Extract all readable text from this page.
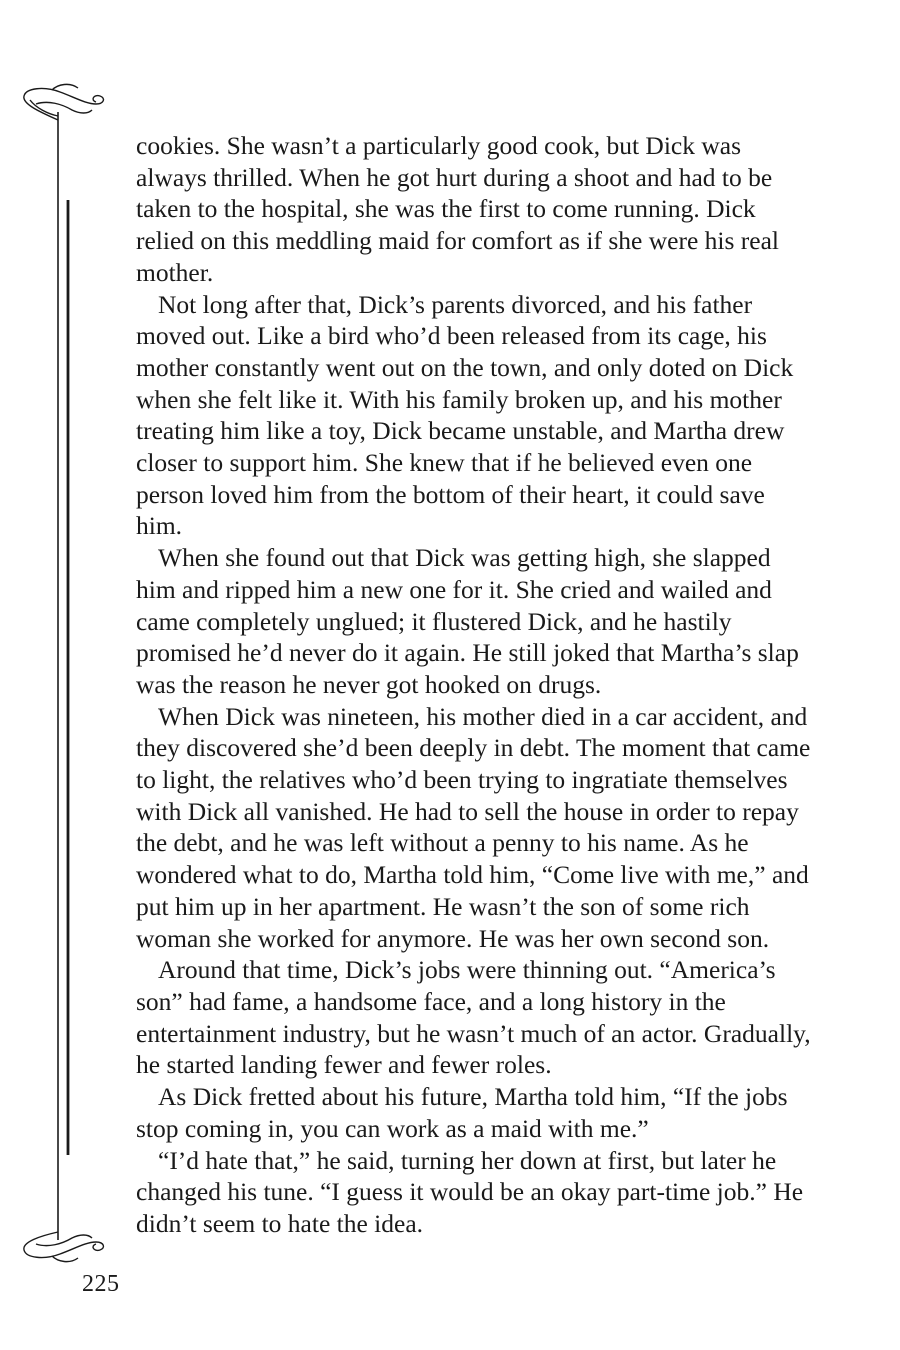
cookies. She wasn’t a particularly good cook, but Dick was always thrilled. When he got hurt during a shoot and had to be taken to the hospital, she was the first to come running. Dick relied on this meddling maid for comfort as if she were his real mother.

Not long after that, Dick’s parents divorced, and his father moved out. Like a bird who’d been released from its cage, his mother constantly went out on the town, and only doted on Dick when she felt like it. With his family broken up, and his mother treating him like a toy, Dick became unstable, and Martha drew closer to support him. She knew that if he believed even one person loved him from the bottom of their heart, it could save him.

When she found out that Dick was getting high, she slapped him and ripped him a new one for it. She cried and wailed and came completely unglued; it flustered Dick, and he hastily promised he’d never do it again. He still joked that Martha’s slap was the reason he never got hooked on drugs.

When Dick was nineteen, his mother died in a car accident, and they discovered she’d been deeply in debt. The moment that came to light, the relatives who’d been trying to ingratiate themselves with Dick all vanished. He had to sell the house in order to repay the debt, and he was left without a penny to his name. As he wondered what to do, Martha told him, “Come live with me,” and put him up in her apartment. He wasn’t the son of some rich woman she worked for anymore. He was her own second son.

Around that time, Dick’s jobs were thinning out. “America’s son” had fame, a handsome face, and a long history in the entertainment industry, but he wasn’t much of an actor. Gradually, he started landing fewer and fewer roles.

As Dick fretted about his future, Martha told him, “If the jobs stop coming in, you can work as a maid with me.”

“I’d hate that,” he said, turning her down at first, but later he changed his tune. “I guess it would be an okay part-time job.” He didn’t seem to hate the idea.

225
